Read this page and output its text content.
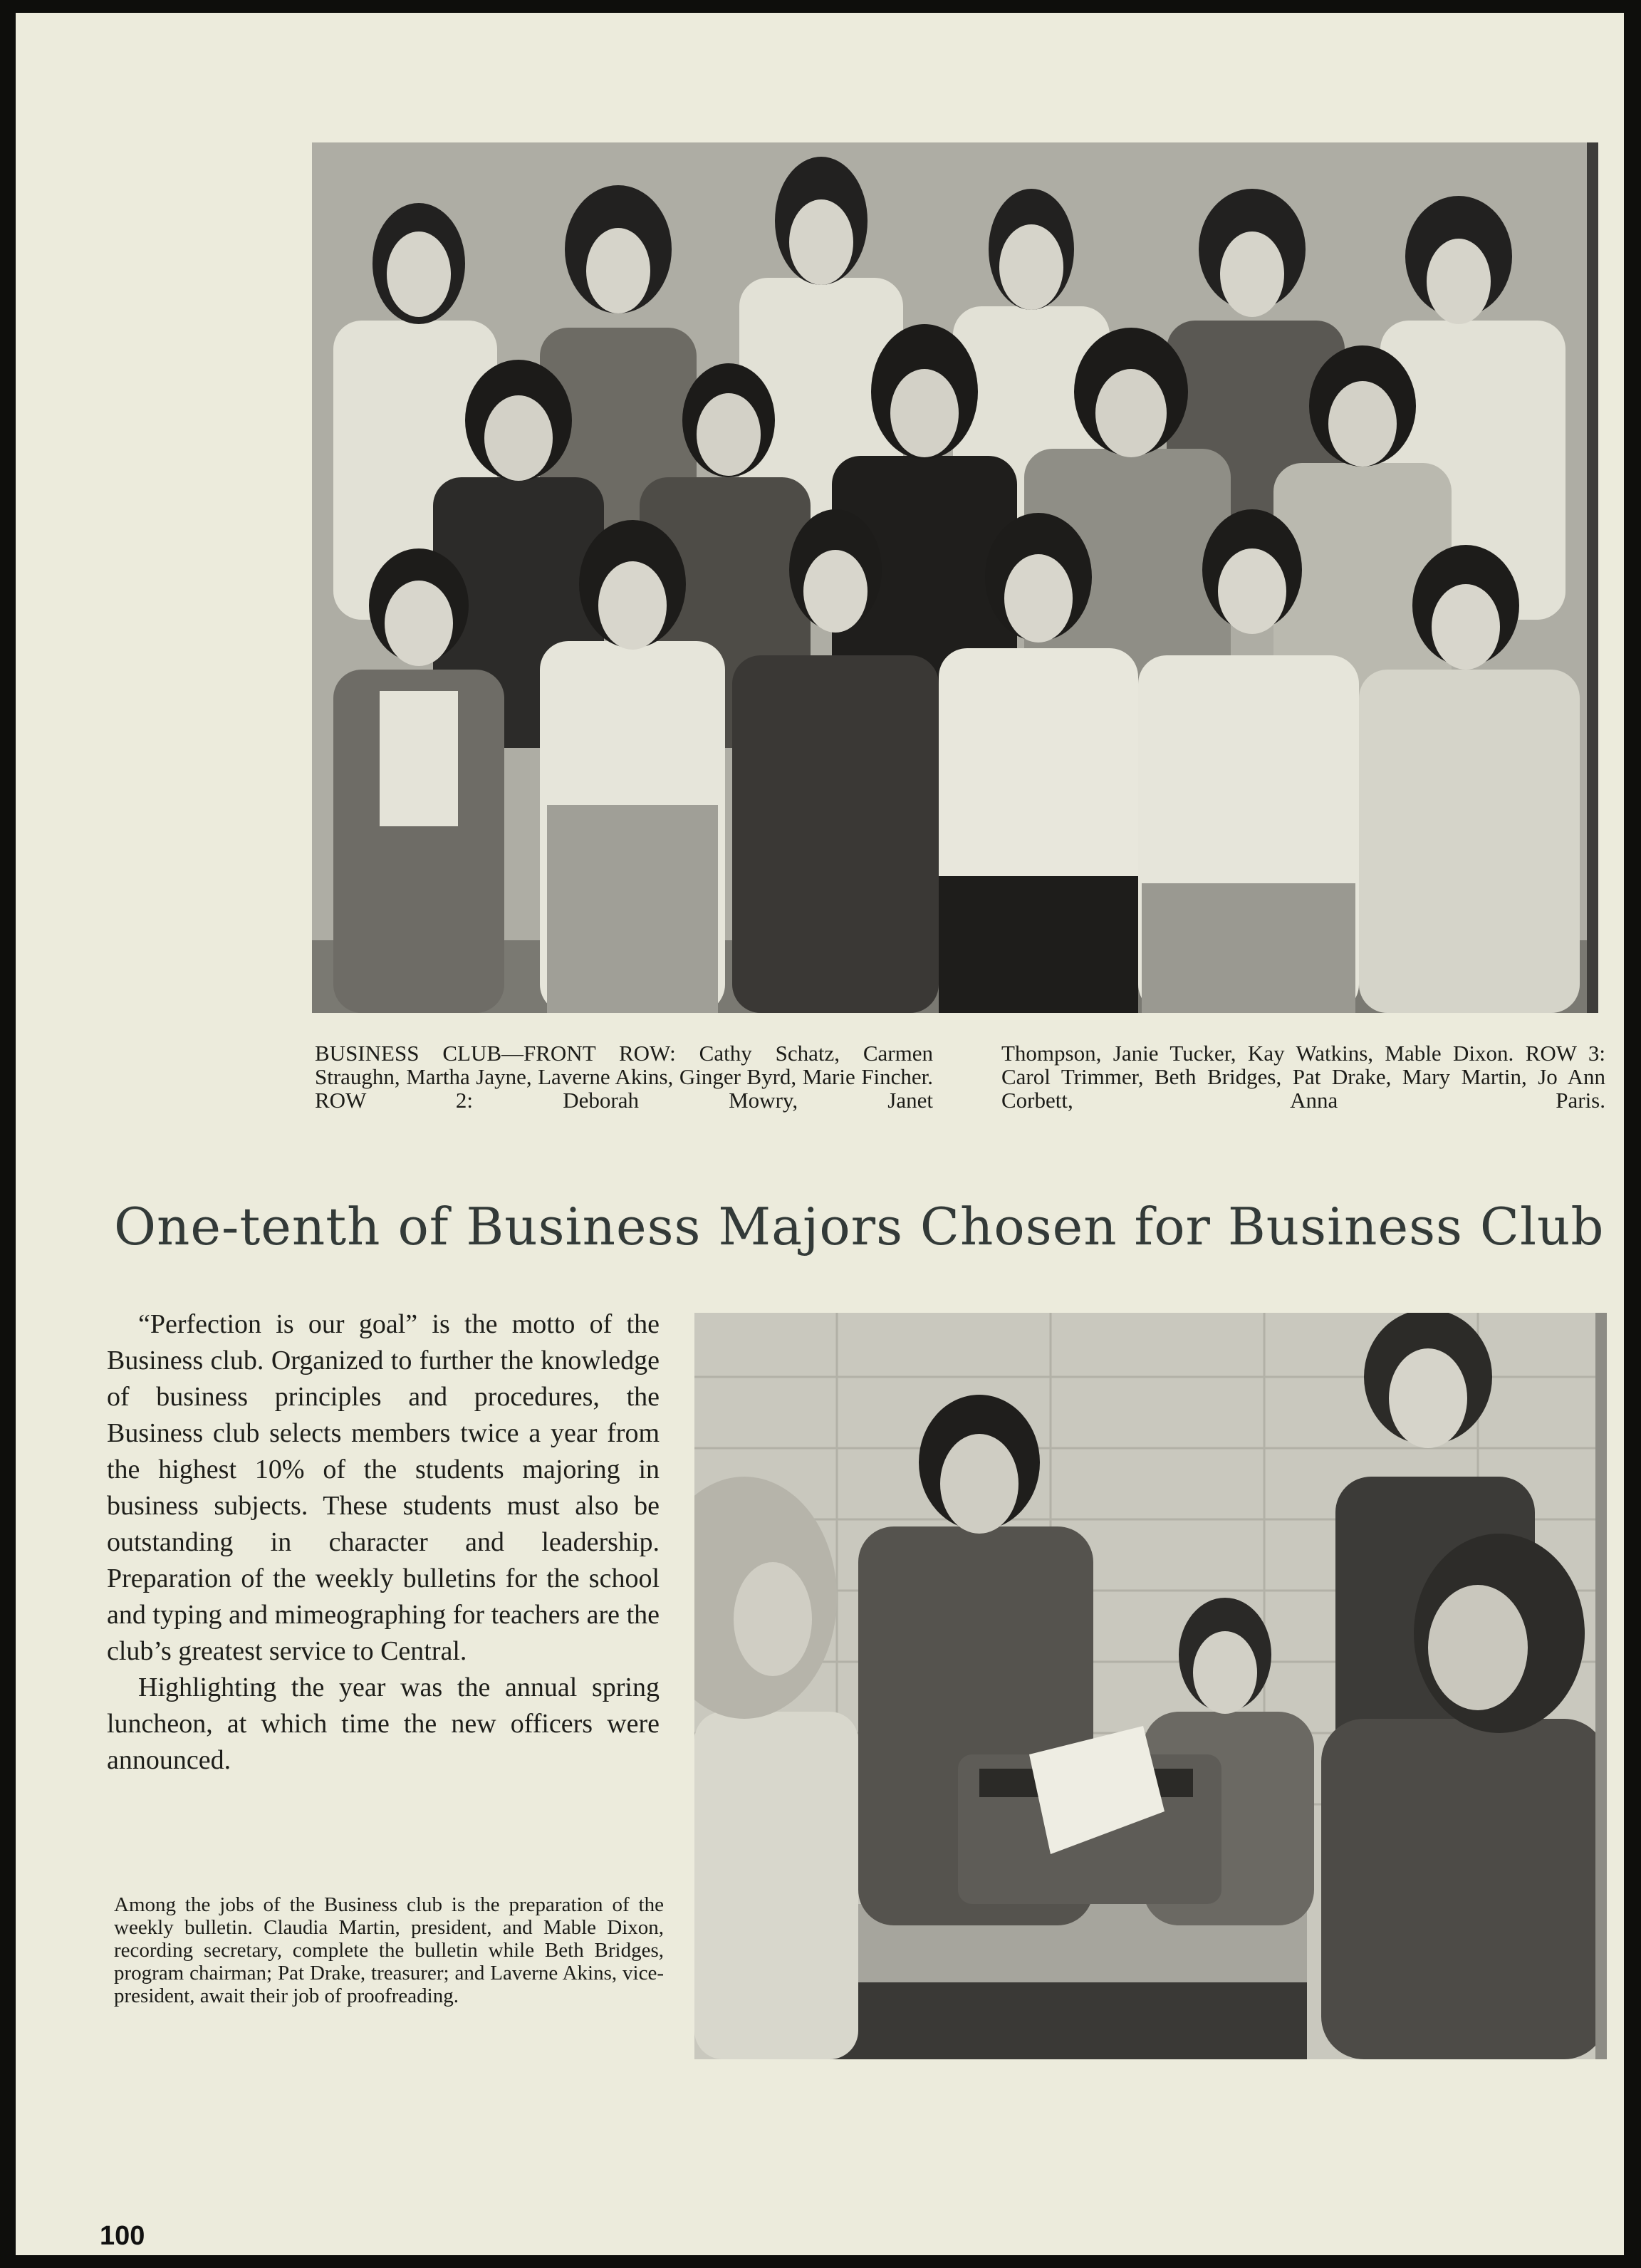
BUSINESS CLUB—FRONT ROW: Cathy Schatz, Carmen Straughn, Martha Jayne, Laverne Akins, Ginger Byrd, Marie Fincher. ROW 2: Deborah Mowry, Janet
Thompson, Janie Tucker, Kay Watkins, Mable Dixon. ROW 3: Carol Trimmer, Beth Bridges, Pat Drake, Mary Martin, Jo Ann Corbett, Anna Paris.
One-tenth of Business Majors Chosen for Business Club

“Perfection is our goal” is the motto of the Business club. Organized to further the knowledge of business principles and procedures, the Business club selects members twice a year from the highest 10% of the students majoring in business subjects. These students must also be outstanding in character and leadership. Preparation of the weekly bulletins for the school and typing and mimeographing for teachers are the club’s greatest service to Central.

Highlighting the year was the annual spring luncheon, at which time the new officers were announced.

Among the jobs of the Business club is the preparation of the weekly bulletin. Claudia Martin, president, and Mable Dixon, recording secretary, complete the bulletin while Beth Bridges, program chairman; Pat Drake, treasurer; and Laverne Akins, vice-president, await their job of proofreading.
100
